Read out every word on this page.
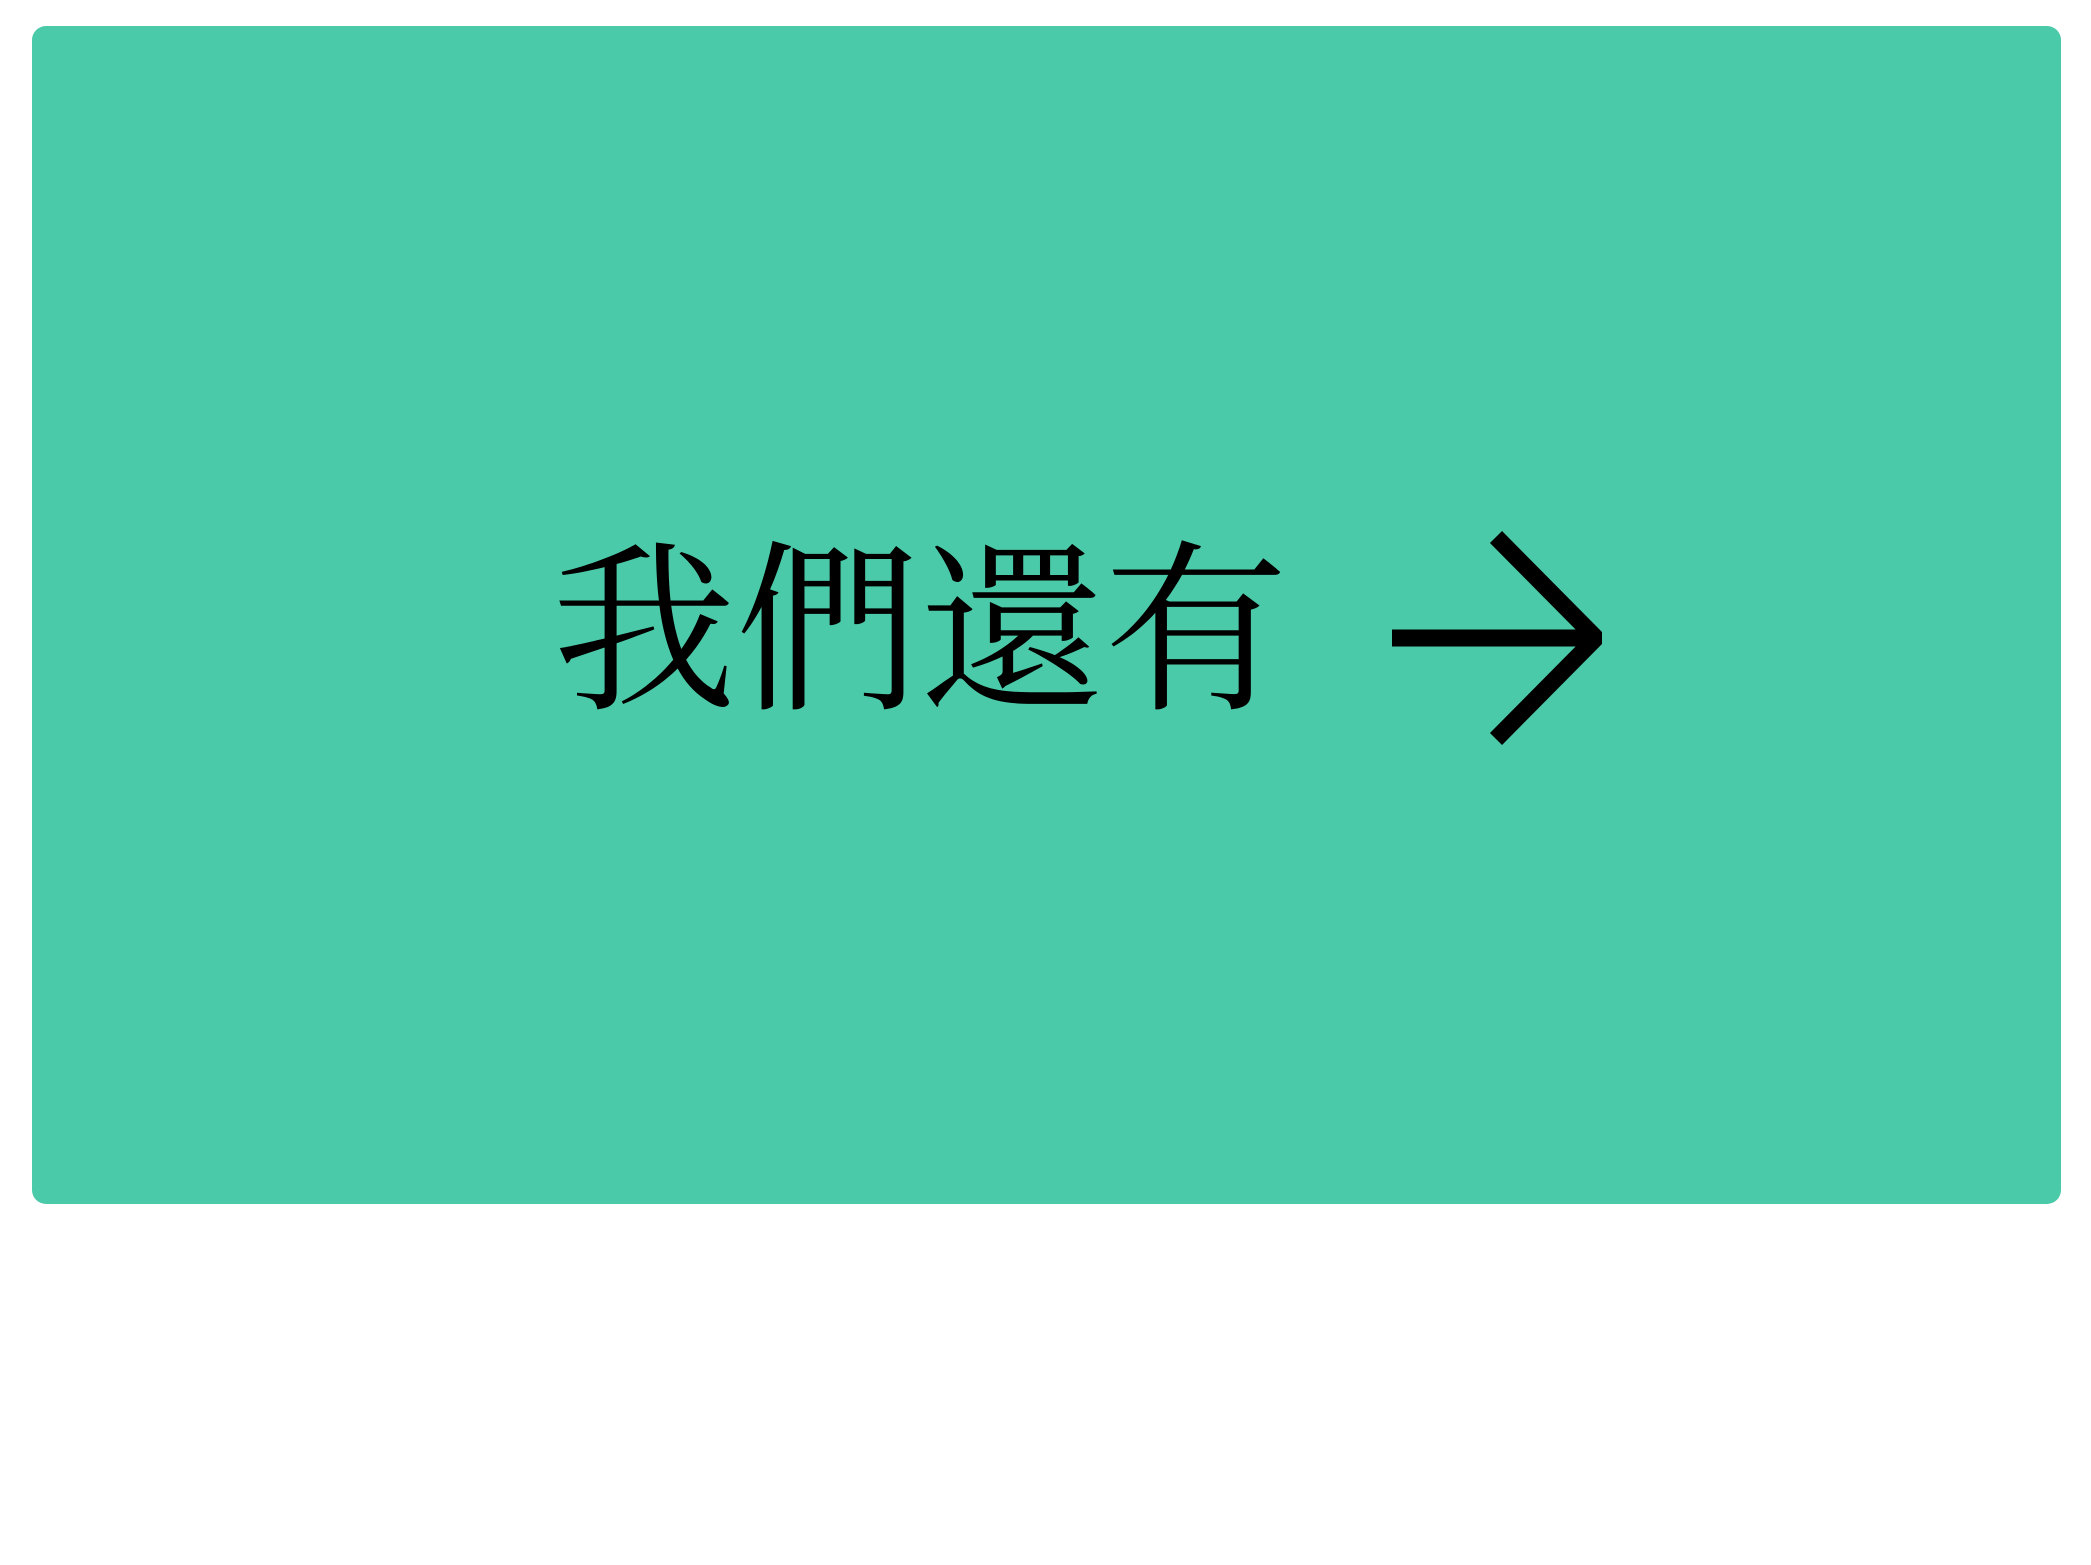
我們還有
